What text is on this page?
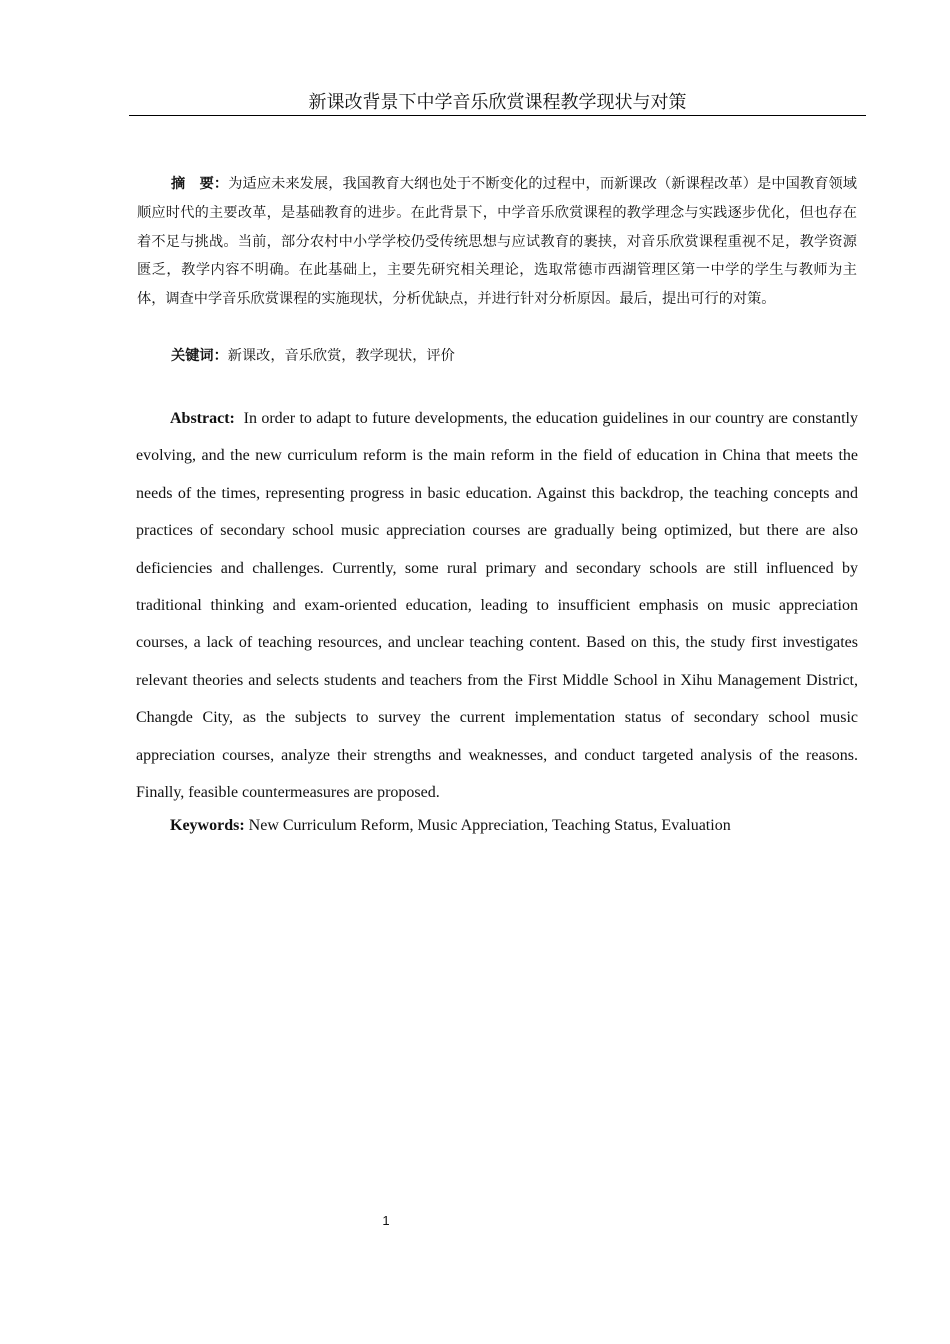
新课改背景下中学音乐欣赏课程教学现状与对策

摘　要：为适应未来发展，我国教育大纲也处于不断变化的过程中，而新课改（新课程改革）是中国教育领域顺应时代的主要改革，是基础教育的进步。在此背景下，中学音乐欣赏课程的教学理念与实践逐步优化，但也存在着不足与挑战。当前，部分农村中小学学校仍受传统思想与应试教育的裹挟，对音乐欣赏课程重视不足，教学资源匮乏，教学内容不明确。在此基础上，主要先研究相关理论，选取常德市西湖管理区第一中学的学生与教师为主体，调查中学音乐欣赏课程的实施现状，分析优缺点，并进行针对分析原因。最后，提出可行的对策。

关键词：新课改，音乐欣赏，教学现状，评价

Abstract: In order to adapt to future developments, the education guidelines in our country are constantly evolving, and the new curriculum reform is the main reform in the field of education in China that meets the needs of the times, representing progress in basic education. Against this backdrop, the teaching concepts and practices of secondary school music appreciation courses are gradually being optimized, but there are also deficiencies and challenges. Currently, some rural primary and secondary schools are still influenced by traditional thinking and exam-oriented education, leading to insufficient emphasis on music appreciation courses, a lack of teaching resources, and unclear teaching content. Based on this, the study first investigates relevant theories and selects students and teachers from the First Middle School in Xihu Management District, Changde City, as the subjects to survey the current implementation status of secondary school music appreciation courses, analyze their strengths and weaknesses, and conduct targeted analysis of the reasons. Finally, feasible countermeasures are proposed.

Keywords: New Curriculum Reform, Music Appreciation, Teaching Status, Evaluation

1
